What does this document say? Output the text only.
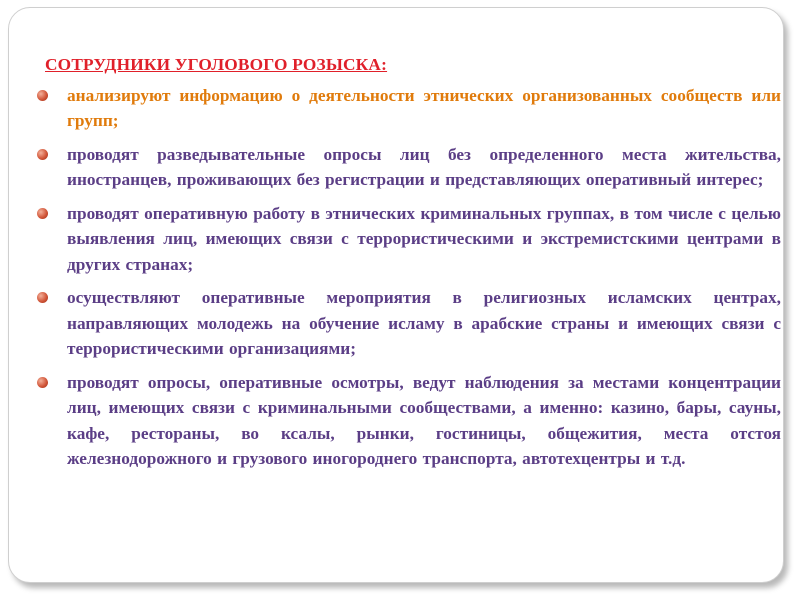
СОТРУДНИКИ УГОЛОВОГО РОЗЫСКА:
анализируют информацию о деятельности этнических организованных сообществ или групп;
проводят разведывательные опросы лиц без определенного места жительства, иностранцев, проживающих без регистрации и представляющих оперативный интерес;
проводят оперативную работу в этнических криминальных группах, в том числе с целью выявления лиц, имеющих связи с террористическими и экстремистскими центрами в других странах;
осуществляют оперативные мероприятия в религиозных исламских центрах, направляющих молодежь на обучение исламу в арабские страны и имеющих связи с террористическими организациями;
проводят опросы, оперативные осмотры, ведут наблюдения за местами концентрации лиц, имеющих связи с криминальными сообществами, а именно: казино, бары, сауны, кафе, рестораны, во ксалы, рынки, гостиницы, общежития, места отстоя железнодорожного и грузового иногороднего транспорта, автотехцентры и т.д.
